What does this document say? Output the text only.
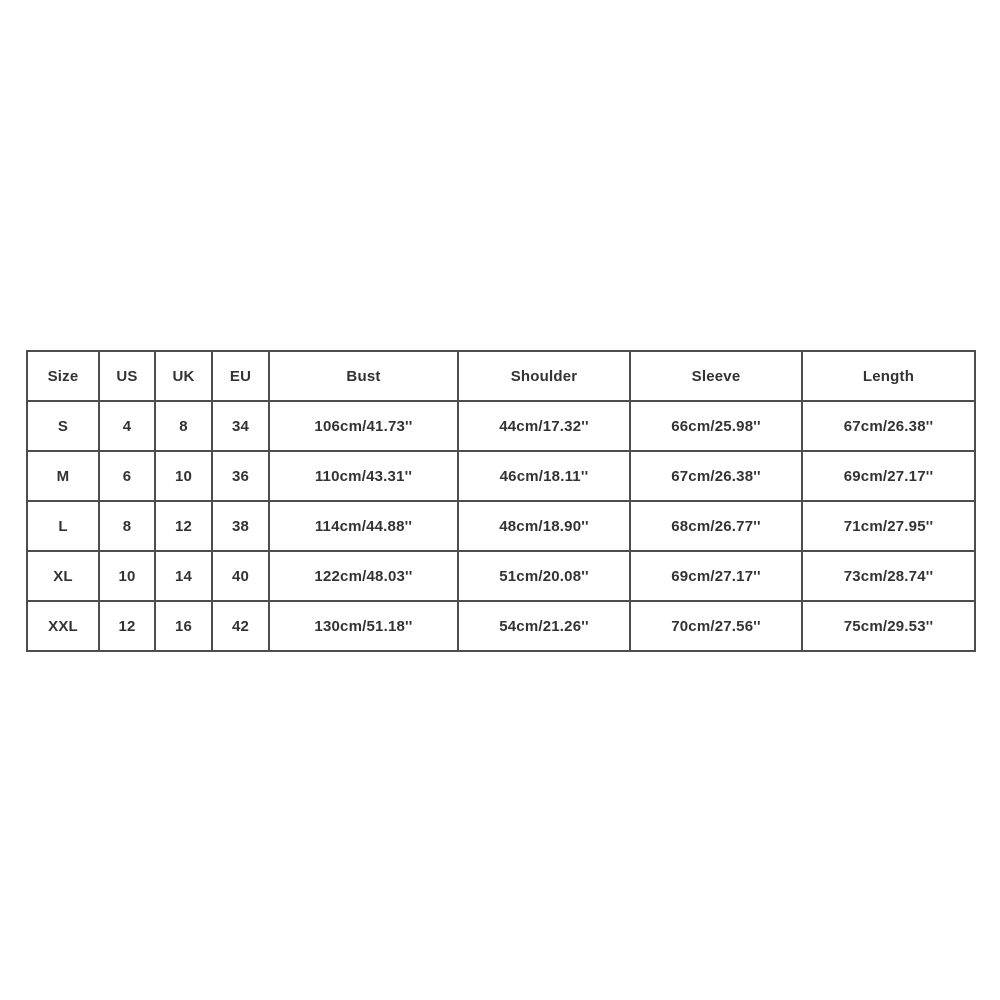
Size	US	UK	EU	Bust	Shoulder	Sleeve	Length
S	4	8	34	106cm/41.73''	44cm/17.32''	66cm/25.98''	67cm/26.38''
M	6	10	36	110cm/43.31''	46cm/18.11''	67cm/26.38''	69cm/27.17''
L	8	12	38	114cm/44.88''	48cm/18.90''	68cm/26.77''	71cm/27.95''
XL	10	14	40	122cm/48.03''	51cm/20.08''	69cm/27.17''	73cm/28.74''
XXL	12	16	42	130cm/51.18''	54cm/21.26''	70cm/27.56''	75cm/29.53''
